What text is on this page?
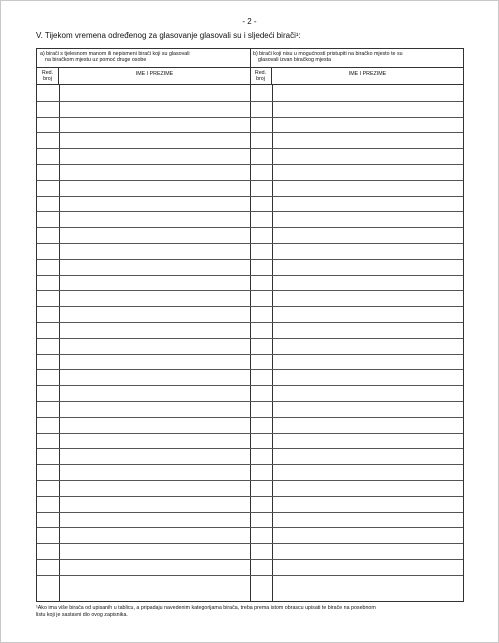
- 2 -
V. Tijekom vremena određenog za glasovanje glasovali su i sljedeći birači¹:
a) birači s tjelesnom manom ili nepismeni birači koji su glasovali
na biračkom mjestu uz pomoć druge osobe
Red.
broj
IME I PREZIME
b) birači koji nisu u mogućnosti pristupiti na biračko mjesto te su
glasovali izvan biračkog mjesta
Red.
broj
IME I PREZIME
¹Ako ima više birača od upisanih u tablicu, a pripadaju navedenim kategorijama birača, treba prema istom obrascu upisati te birače na posebnom
listu koji je sastavni dio ovog zapisnika.
